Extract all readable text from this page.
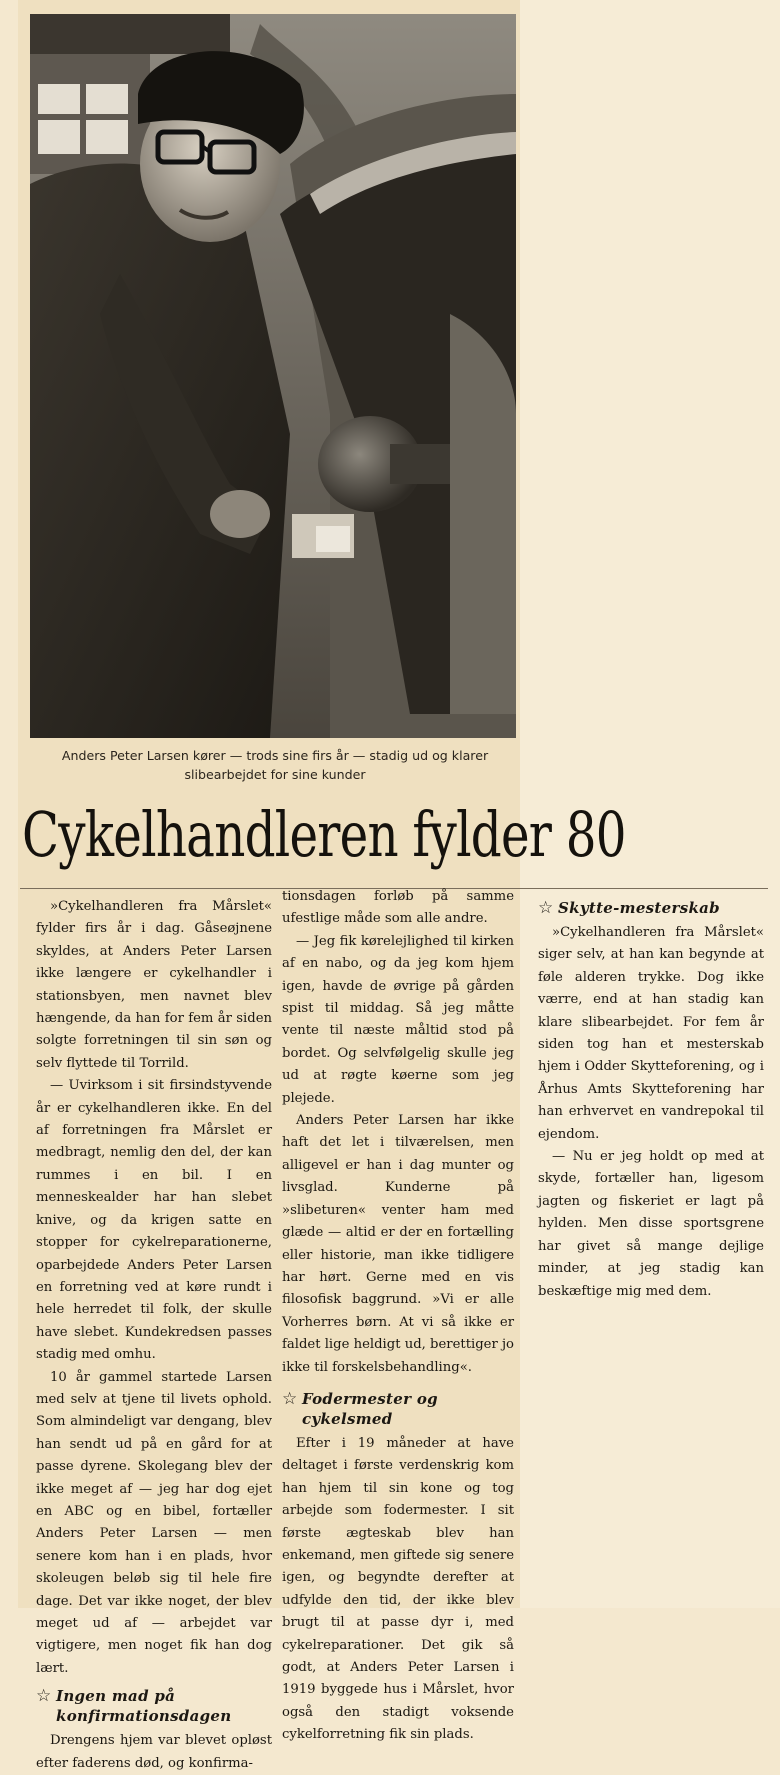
Anders Peter Larsen kører — trods sine firs år — stadig ud og klarer
slibearbejdet for sine kunder
Cykelhandleren fylder 80

»Cykelhandleren fra Mårslet« fylder firs år i dag. Gåseøjnene skyldes, at Anders Peter Larsen ikke længere er cykelhandler i stationsbyen, men navnet blev hængende, da han for fem år siden solgte forretningen til sin søn og selv flyttede til Torrild.

— Uvirksom i sit firsindstyvende år er cykelhandleren ikke. En del af forretningen fra Mårslet er medbragt, nemlig den del, der kan rummes i en bil. I en menneskealder har han slebet knive, og da krigen satte en stopper for cykelreparationerne, oparbejdede Anders Peter Larsen en forretning ved at køre rundt i hele herredet til folk, der skulle have slebet. Kundekredsen passes stadig med omhu.

10 år gammel startede Larsen med selv at tjene til livets ophold. Som almindeligt var dengang, blev han sendt ud på en gård for at passe dyrene. Skolegang blev der ikke meget af — jeg har dog ejet en ABC og en bibel, fortæller Anders Peter Larsen — men senere kom han i en plads, hvor skoleugen beløb sig til hele fire dage. Det var ikke noget, der blev meget ud af — arbejdet var vigtigere, men noget fik han dog lært.

☆ Ingen mad på konfirmationsdagen

Drengens hjem var blevet opløst efter faderens død, og konfirma-

tionsdagen forløb på samme ufestlige måde som alle andre.

— Jeg fik kørelejlighed til kirken af en nabo, og da jeg kom hjem igen, havde de øvrige på gården spist til middag. Så jeg måtte vente til næste måltid stod på bordet. Og selvfølgelig skulle jeg ud at røgte køerne som jeg plejede.

Anders Peter Larsen har ikke haft det let i tilværelsen, men alligevel er han i dag munter og livsglad. Kunderne på »slibeturen« venter ham med glæde — altid er der en fortælling eller historie, man ikke tidligere har hørt. Gerne med en vis filosofisk baggrund. »Vi er alle Vorherres børn. At vi så ikke er faldet lige heldigt ud, berettiger jo ikke til forskelsbehandling«.

☆ Fodermester og cykelsmed

Efter i 19 måneder at have deltaget i første verdenskrig kom han hjem til sin kone og tog arbejde som fodermester. I sit første ægteskab blev han enkemand, men giftede sig senere igen, og begyndte derefter at udfylde den tid, der ikke blev brugt til at passe dyr i, med cykelreparationer. Det gik så godt, at Anders Peter Larsen i 1919 byggede hus i Mårslet, hvor også den stadigt voksende cykelforretning fik sin plads.

☆ Skytte-mesterskab

»Cykelhandleren fra Mårslet« siger selv, at han kan begynde at føle alderen trykke. Dog ikke værre, end at han stadig kan klare slibearbejdet. For fem år siden tog han et mesterskab hjem i Odder Skytteforening, og i Århus Amts Skytteforening har han erhvervet en vandrepokal til ejendom.

— Nu er jeg holdt op med at skyde, fortæller han, ligesom jagten og fiskeriet er lagt på hylden. Men disse sportsgrene har givet så mange dejlige minder, at jeg stadig kan beskæftige mig med dem.
